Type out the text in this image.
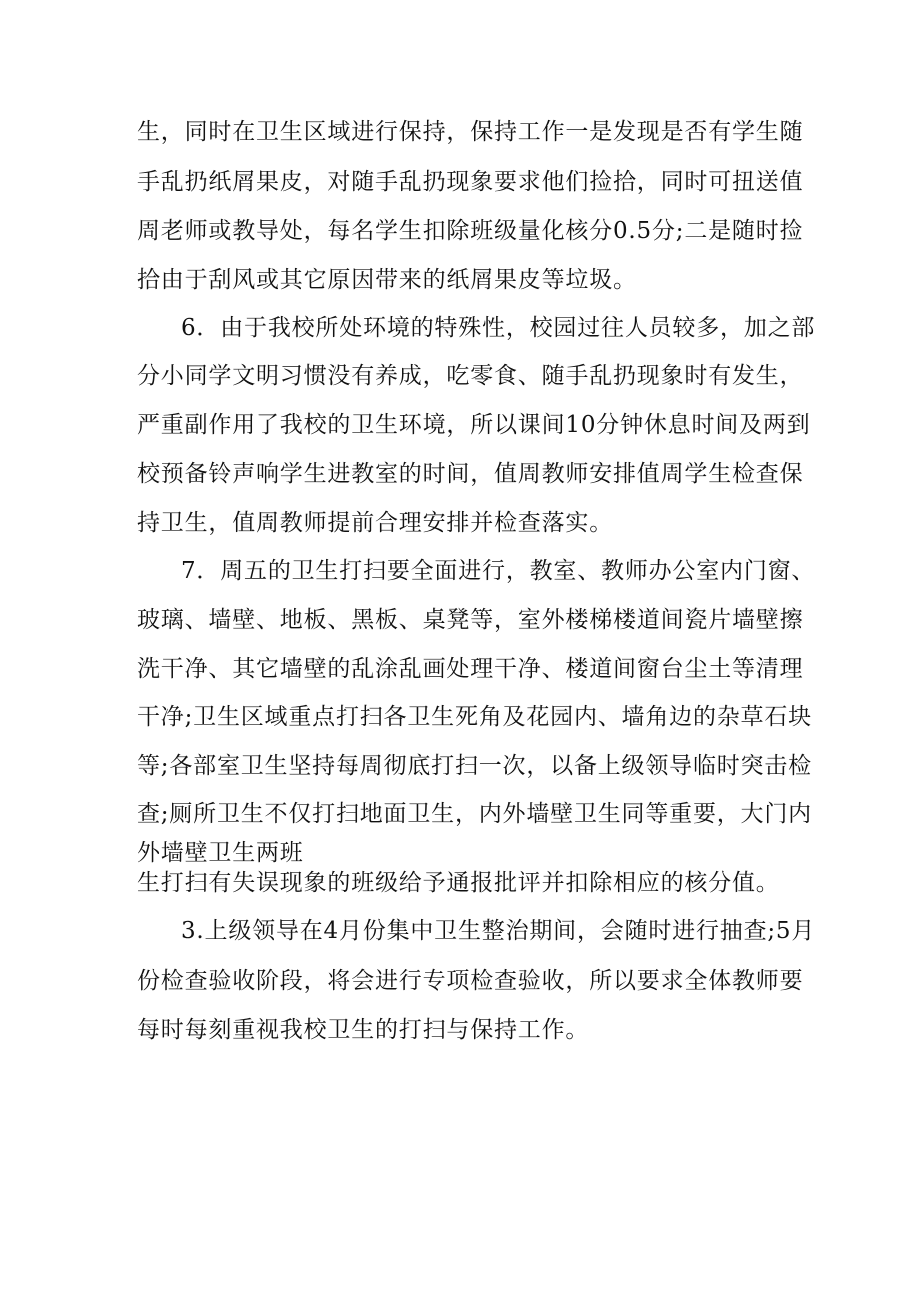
生，同时在卫生区域进行保持，保持工作一是发现是否有学生随
手乱扔纸屑果皮，对随手乱扔现象要求他们捡拾，同时可扭送值
周老师或教导处，每名学生扣除班级量化核分0.5分;二是随时捡
拾由于刮风或其它原因带来的纸屑果皮等垃圾。
6．由于我校所处环境的特殊性，校园过往人员较多，加之部
分小同学文明习惯没有养成，吃零食、随手乱扔现象时有发生，
严重副作用了我校的卫生环境，所以课间10分钟休息时间及两到
校预备铃声响学生进教室的时间，值周教师安排值周学生检查保
持卫生，值周教师提前合理安排并检查落实。
7．周五的卫生打扫要全面进行，教室、教师办公室内门窗、
玻璃、墙壁、地板、黑板、桌凳等，室外楼梯楼道间瓷片墙壁擦
洗干净、其它墙壁的乱涂乱画处理干净、楼道间窗台尘土等清理
干净;卫生区域重点打扫各卫生死角及花园内、墙角边的杂草石块
等;各部室卫生坚持每周彻底打扫一次，以备上级领导临时突击检
查;厕所卫生不仅打扫地面卫生，内外墙壁卫生同等重要，大门内
外墙壁卫生两班
生打扫有失误现象的班级给予通报批评并扣除相应的核分值。
3.上级领导在4月份集中卫生整治期间，会随时进行抽查;5月
份检查验收阶段，将会进行专项检查验收，所以要求全体教师要
每时每刻重视我校卫生的打扫与保持工作。
